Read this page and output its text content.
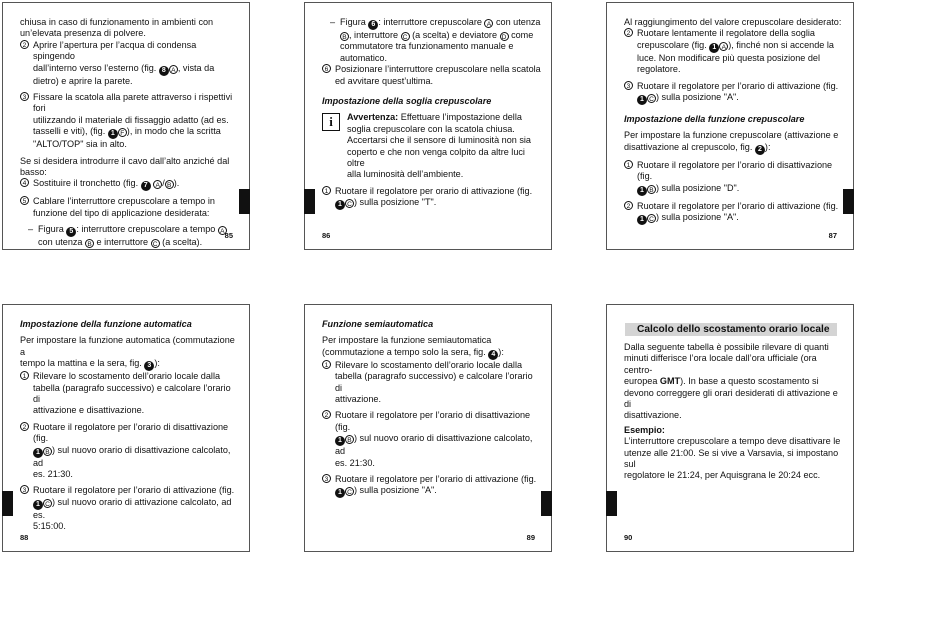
chiusa in caso di funzionamento in ambienti con

un’elevata presenza di polvere.

2 Aprire l’apertura per l’acqua di condensa spingendo

dall’interno verso l’esterno (fig. 8 A , vista da

dietro) e aprire la parete.

3 Fissare la scatola alla parete attraverso i rispettivi fori

utilizzando il materiale di fissaggio adatto (ad es.

tasselli e viti), (fig. 1 F ), in modo che la scritta

"ALTO/TOP" sia in alto.

Se si desidera introdurre il cavo dall’alto anziché dal

basso:

4 Sostituire il tronchetto (fig. 7 A / B ).

5 Cablare l’interruttore crepuscolare a tempo in

funzione del tipo di applicazione desiderata:

– Figura 5 : interruttore crepuscolare a tempo A

con utenza B e interruttore C (a scelta).

85

– Figura 6 : interruttore crepuscolare A con utenza

B , interruttore C (a scelta) e deviatore D come

commutatore tra funzionamento manuale e

automatico.

6 Posizionare l’interruttore crepuscolare nella scatola

ed avvitare quest’ultima.

Impostazione della soglia crepuscolare

i	Avvertenza: Effettuare l’impostazione della

soglia crepuscolare con la scatola chiusa.

Accertarsi che il sensore di luminosità non sia

coperto e che non venga colpito da altre luci oltre

alla luminosità dell’ambiente.

1 Ruotare il regolatore per orario di attivazione (fig.

1 C ) sulla posizione "T".

86

Al raggiungimento del valore crepuscolare desiderato:

2 Ruotare lentamente il regolatore della soglia

crepuscolare (fig. 1 A ), finché non si accende la

luce. Non modificare più questa posizione del

regolatore.

3 Ruotare il regolatore per l’orario di attivazione (fig.

1 C ) sulla posizione "A".

Impostazione della funzione crepuscolare

Per impostare la funzione crepuscolare (attivazione e

disattivazione al crepuscolo, fig. 2 ):

1 Ruotare il regolatore per l’orario di disattivazione (fig.

1 B ) sulla posizione "D".

2 Ruotare il regolatore per l’orario di attivazione (fig.

1 C ) sulla posizione "A".

87

Impostazione della funzione automatica

Per impostare la funzione automatica (commutazione a

tempo la mattina e la sera, fig. 3 ):

1 Rilevare lo scostamento dell’orario locale dalla

tabella (paragrafo successivo) e calcolare l’orario di

attivazione e disattivazione.

2 Ruotare il regolatore per l’orario di disattivazione (fig.

1 B ) sul nuovo orario di disattivazione calcolato, ad

es. 21:30.

3 Ruotare il regolatore per l’orario di attivazione (fig.

1 C ) sul nuovo orario di attivazione calcolato, ad es.

5:15:00.

88

Funzione semiautomatica

Per impostare la funzione semiautomatica

(commutazione a tempo solo la sera, fig. 4 ):

1 Rilevare lo scostamento dell’orario locale dalla

tabella (paragrafo successivo) e calcolare l’orario di

attivazione.

2 Ruotare il regolatore per l’orario di disattivazione (fig.

1 B ) sul nuovo orario di disattivazione calcolato, ad

es. 21:30.

3 Ruotare il regolatore per l’orario di attivazione (fig.

1 C ) sulla posizione "A".

89
Calcolo dello scostamento orario locale

Dalla seguente tabella è possibile rilevare di quanti

minuti differisce l’ora locale dall’ora ufficiale (ora centro-

europea GMT). In base a questo scostamento si

devono correggere gli orari desiderati di attivazione e di

disattivazione.

Esempio:

L’interruttore crepuscolare a tempo deve disattivare le

utenze alle 21:00. Se si vive a Varsavia, si impostano sul

regolatore le 21:24, per Aquisgrana le 20:24 ecc.

90
